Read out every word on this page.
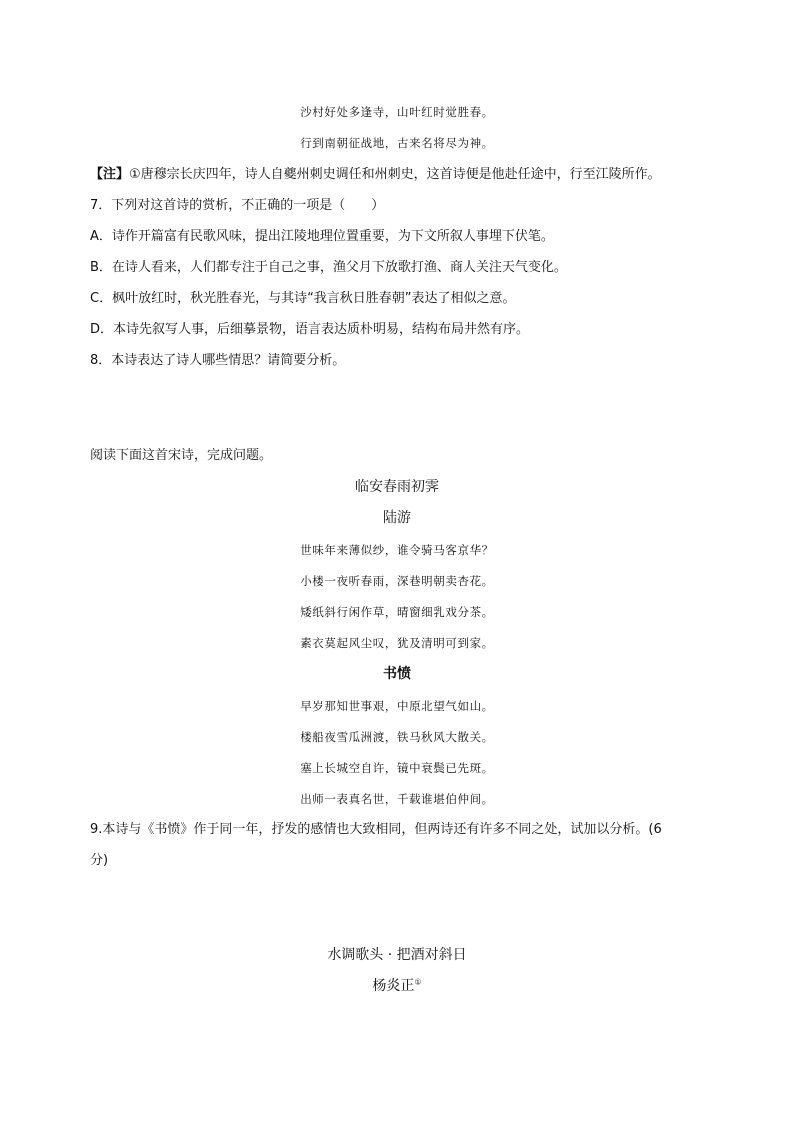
沙村好处多逢寺，山叶红时觉胜春。
行到南朝征战地，古来名将尽为神。
【注】①唐穆宗长庆四年，诗人自夔州刺史调任和州刺史，这首诗便是他赴任途中，行至江陵所作。
7．下列对这首诗的赏析，不正确的一项是（　　）
A．诗作开篇富有民歌风味，提出江陵地理位置重要，为下文所叙人事埋下伏笔。
B．在诗人看来，人们都专注于自己之事，渔父月下放歌打渔、商人关注天气变化。
C．枫叶放红时，秋光胜春光，与其诗“我言秋日胜春朝”表达了相似之意。
D．本诗先叙写人事，后细摹景物，语言表达质朴明易，结构布局井然有序。
8．本诗表达了诗人哪些情思？请简要分析。
阅读下面这首宋诗，完成问题。
临安春雨初霁
陆游
世味年来薄似纱，谁令骑马客京华？
小楼一夜听春雨，深巷明朝卖杏花。
矮纸斜行闲作草，晴窗细乳戏分茶。
素衣莫起风尘叹，犹及清明可到家。
书愤
早岁那知世事艰，中原北望气如山。
楼船夜雪瓜洲渡，铁马秋风大散关。
塞上长城空自许，镜中衰鬓已先斑。
出师一表真名世，千载谁堪伯仲间。
9.本诗与《书愤》作于同一年，抒发的感情也大致相同，但两诗还有许多不同之处，试加以分析。(6
分)
水调歌头 · 把酒对斜日
杨炎正①
